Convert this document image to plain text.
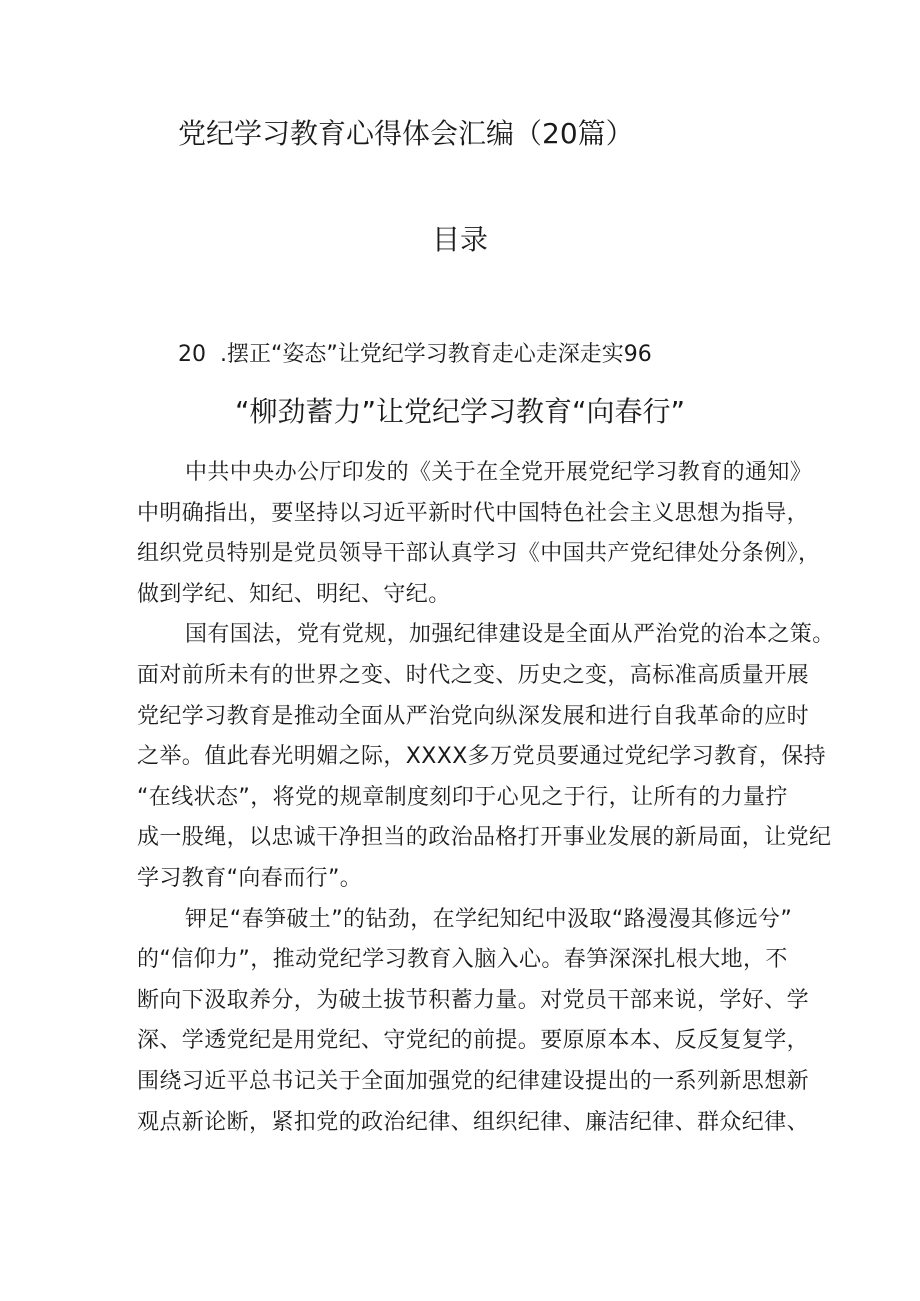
党纪学习教育心得体会汇编（20篇）
目录
20 .摆正“姿态”让党纪学习教育走心走深走实96
“柳劲蓄力”让党纪学习教育“向春行”

中共中央办公厅印发的《关于在全党开展党纪学习教育的通知》
中明确指出，要坚持以习近平新时代中国特色社会主义思想为指导，
组织党员特别是党员领导干部认真学习《中国共产党纪律处分条例》，
做到学纪、知纪、明纪、守纪。

国有国法，党有党规，加强纪律建设是全面从严治党的治本之策。
面对前所未有的世界之变、时代之变、历史之变，高标准高质量开展
党纪学习教育是推动全面从严治党向纵深发展和进行自我革命的应时
之举。值此春光明媚之际，XXXX多万党员要通过党纪学习教育，保持
“在线状态”，将党的规章制度刻印于心见之于行，让所有的力量拧
成一股绳，以忠诚干净担当的政治品格打开事业发展的新局面，让党纪
学习教育“向春而行”。

钾足“春笋破土”的钻劲，在学纪知纪中汲取“路漫漫其修远兮”
的“信仰力”，推动党纪学习教育入脑入心。春笋深深扎根大地，不
断向下汲取养分，为破土拔节积蓄力量。对党员干部来说，学好、学
深、学透党纪是用党纪、守党纪的前提。要原原本本、反反复复学，
围绕习近平总书记关于全面加强党的纪律建设提出的一系列新思想新
观点新论断，紧扣党的政治纪律、组织纪律、廉洁纪律、群众纪律、
